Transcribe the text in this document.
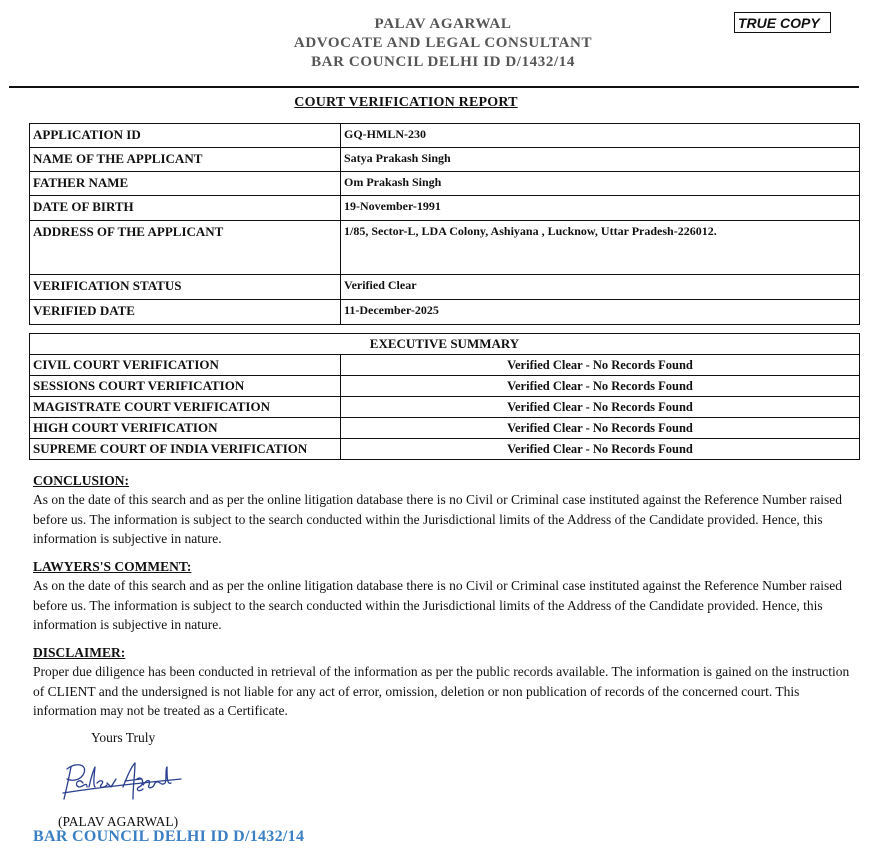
PALAV AGARWAL
ADVOCATE AND LEGAL CONSULTANT
BAR COUNCIL DELHI ID D/1432/14
TRUE COPY
COURT VERIFICATION REPORT
APPLICATION ID	GQ-HMLN-230
NAME OF THE APPLICANT	Satya Prakash Singh
FATHER NAME	Om Prakash Singh
DATE OF BIRTH	19-November-1991
ADDRESS OF THE APPLICANT	1/85, Sector-L, LDA Colony, Ashiyana , Lucknow, Uttar Pradesh-226012.
VERIFICATION STATUS	Verified Clear
VERIFIED DATE	11-December-2025
EXECUTIVE SUMMARY	
CIVIL COURT VERIFICATION	Verified Clear - No Records Found
SESSIONS COURT VERIFICATION	Verified Clear - No Records Found
MAGISTRATE COURT VERIFICATION	Verified Clear - No Records Found
HIGH COURT VERIFICATION	Verified Clear - No Records Found
SUPREME COURT OF INDIA VERIFICATION	Verified Clear - No Records Found
CONCLUSION:
As on the date of this search and as per the online litigation database there is no Civil or Criminal case instituted against the Reference Number raised before us. The information is subject to the search conducted within the Jurisdictional limits of the Address of the Candidate provided. Hence, this information is subjective in nature.
LAWYERS'S COMMENT:
As on the date of this search and as per the online litigation database there is no Civil or Criminal case instituted against the Reference Number raised before us. The information is subject to the search conducted within the Jurisdictional limits of the Address of the Candidate provided. Hence, this information is subjective in nature.
DISCLAIMER:
Proper due diligence has been conducted in retrieval of the information as per the public records available. The information is gained on the instruction of CLIENT and the undersigned is not liable for any act of error, omission, deletion or non publication of records of the concerned court. This information may not be treated as a Certificate.
Yours Truly
(PALAV AGARWAL)
BAR COUNCIL DELHI ID D/1432/14
